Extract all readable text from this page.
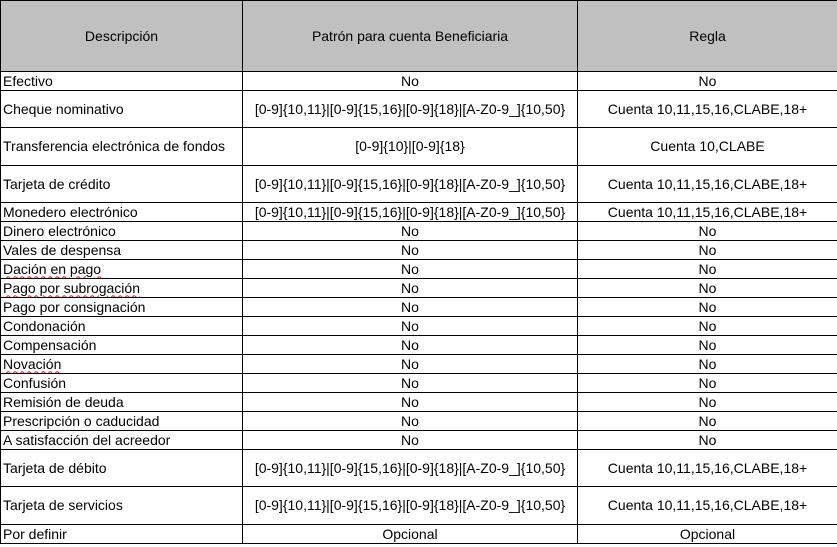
Descripción	Patrón para cuenta Beneficiaria	Regla
Efectivo	No	No
Cheque nominativo	[0-9]{10,11}|[0-9]{15,16}|[0-9]{18}|[A-Z0-9_]{10,50}	Cuenta 10,11,15,16,CLABE,18+
Transferencia electrónica de fondos	[0-9]{10}|[0-9]{18}	Cuenta 10,CLABE
Tarjeta de crédito	[0-9]{10,11}|[0-9]{15,16}|[0-9]{18}|[A-Z0-9_]{10,50}	Cuenta 10,11,15,16,CLABE,18+
Monedero electrónico	[0-9]{10,11}|[0-9]{15,16}|[0-9]{18}|[A-Z0-9_]{10,50}	Cuenta 10,11,15,16,CLABE,18+
Dinero electrónico	No	No
Vales de despensa	No	No
Dación en pago	No	No
Pago por subrogación	No	No
Pago por consignación	No	No
Condonación	No	No
Compensación	No	No
Novación	No	No
Confusión	No	No
Remisión de deuda	No	No
Prescripción o caducidad	No	No
A satisfacción del acreedor	No	No
Tarjeta de débito	[0-9]{10,11}|[0-9]{15,16}|[0-9]{18}|[A-Z0-9_]{10,50}	Cuenta 10,11,15,16,CLABE,18+
Tarjeta de servicios	[0-9]{10,11}|[0-9]{15,16}|[0-9]{18}|[A-Z0-9_]{10,50}	Cuenta 10,11,15,16,CLABE,18+
Por definir	Opcional	Opcional
